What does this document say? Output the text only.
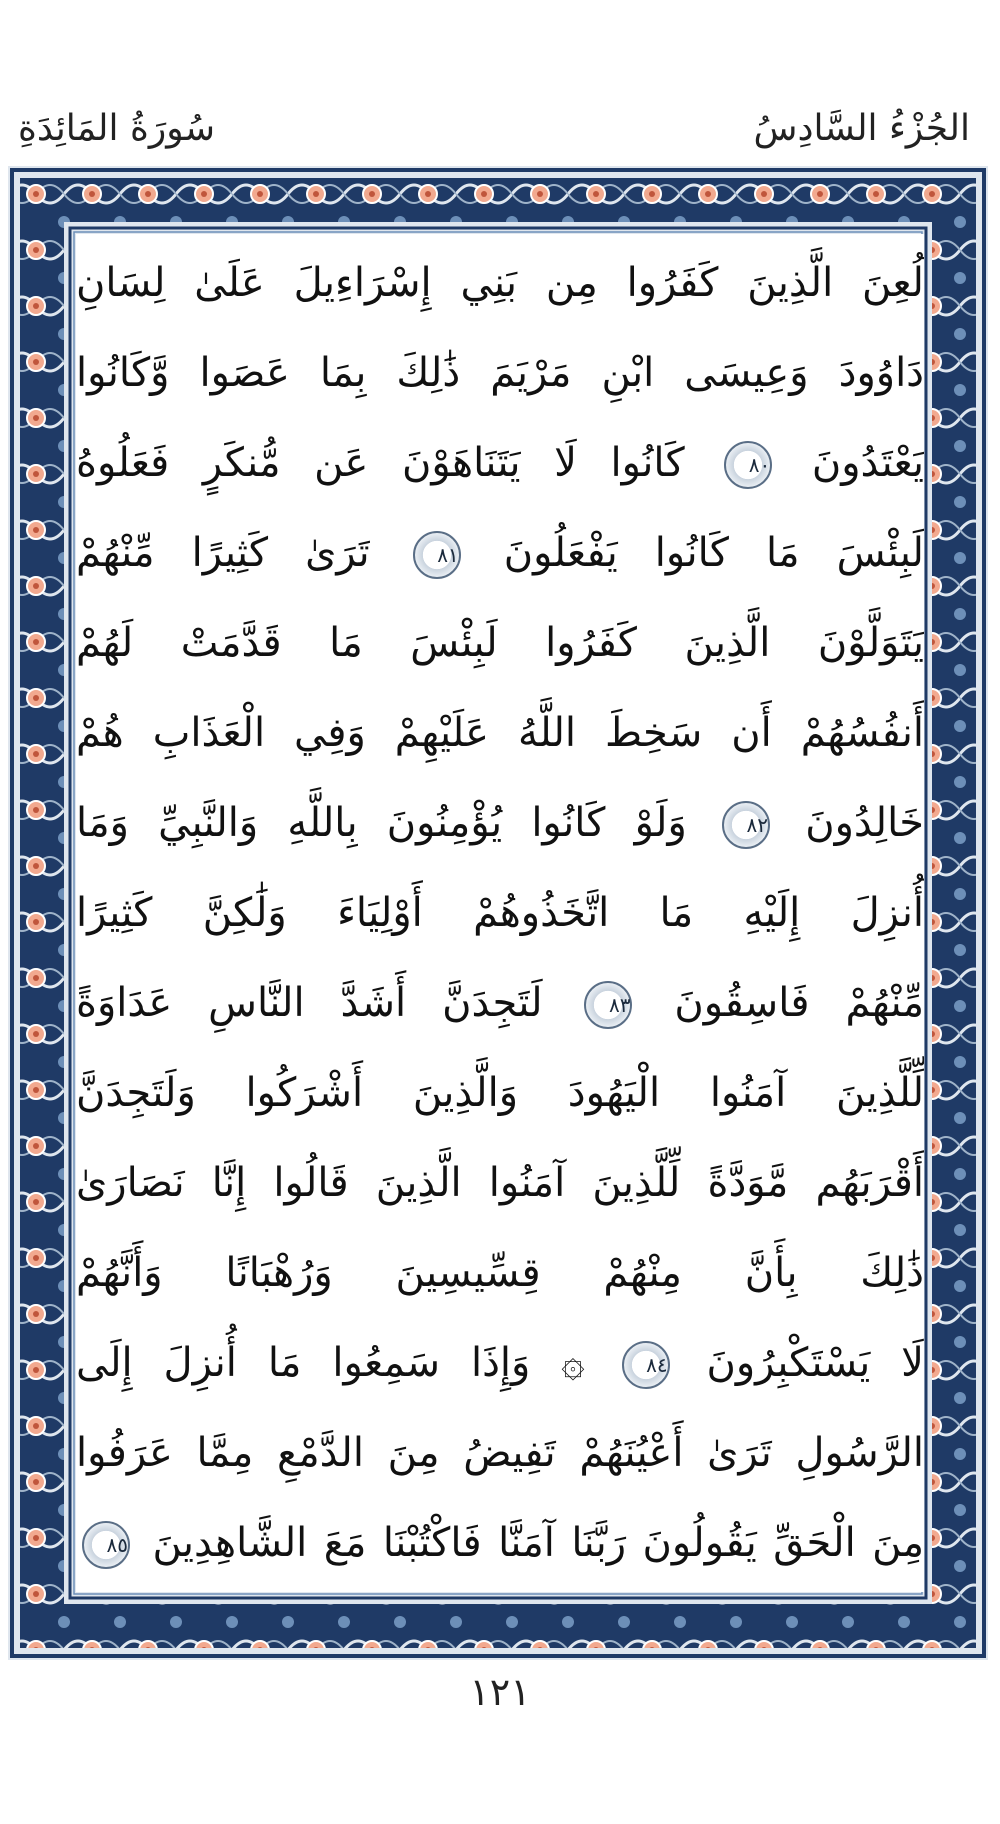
سُورَةُ المَائِدَةِ	الجُزْءُ السَّادِسُ
لُعِنَ الَّذِينَ كَفَرُوا مِن بَنِي إِسْرَاءِيلَ عَلَىٰ لِسَانِ
دَاوُودَ وَعِيسَى ابْنِ مَرْيَمَ ذَٰلِكَ بِمَا عَصَوا وَّكَانُوا
يَعْتَدُونَ ٨٠ كَانُوا لَا يَتَنَاهَوْنَ عَن مُّنكَرٍ فَعَلُوهُ
لَبِئْسَ مَا كَانُوا يَفْعَلُونَ ٨١ تَرَىٰ كَثِيرًا مِّنْهُمْ
يَتَوَلَّوْنَ الَّذِينَ كَفَرُوا لَبِئْسَ مَا قَدَّمَتْ لَهُمْ
أَنفُسُهُمْ أَن سَخِطَ اللَّهُ عَلَيْهِمْ وَفِي الْعَذَابِ هُمْ
خَالِدُونَ ٨٢ وَلَوْ كَانُوا يُؤْمِنُونَ بِاللَّهِ وَالنَّبِيِّ وَمَا
أُنزِلَ إِلَيْهِ مَا اتَّخَذُوهُمْ أَوْلِيَاءَ وَلَٰكِنَّ كَثِيرًا
مِّنْهُمْ فَاسِقُونَ ٨٣ لَتَجِدَنَّ أَشَدَّ النَّاسِ عَدَاوَةً
لِّلَّذِينَ آمَنُوا الْيَهُودَ وَالَّذِينَ أَشْرَكُوا وَلَتَجِدَنَّ
أَقْرَبَهُم مَّوَدَّةً لِّلَّذِينَ آمَنُوا الَّذِينَ قَالُوا إِنَّا نَصَارَىٰ
ذَٰلِكَ بِأَنَّ مِنْهُمْ قِسِّيسِينَ وَرُهْبَانًا وَأَنَّهُمْ
لَا يَسْتَكْبِرُونَ ٨٤ ۞ وَإِذَا سَمِعُوا مَا أُنزِلَ إِلَى
الرَّسُولِ تَرَىٰ أَعْيُنَهُمْ تَفِيضُ مِنَ الدَّمْعِ مِمَّا عَرَفُوا
مِنَ الْحَقِّ يَقُولُونَ رَبَّنَا آمَنَّا فَاكْتُبْنَا مَعَ الشَّاهِدِينَ ٨٥
١٢١
